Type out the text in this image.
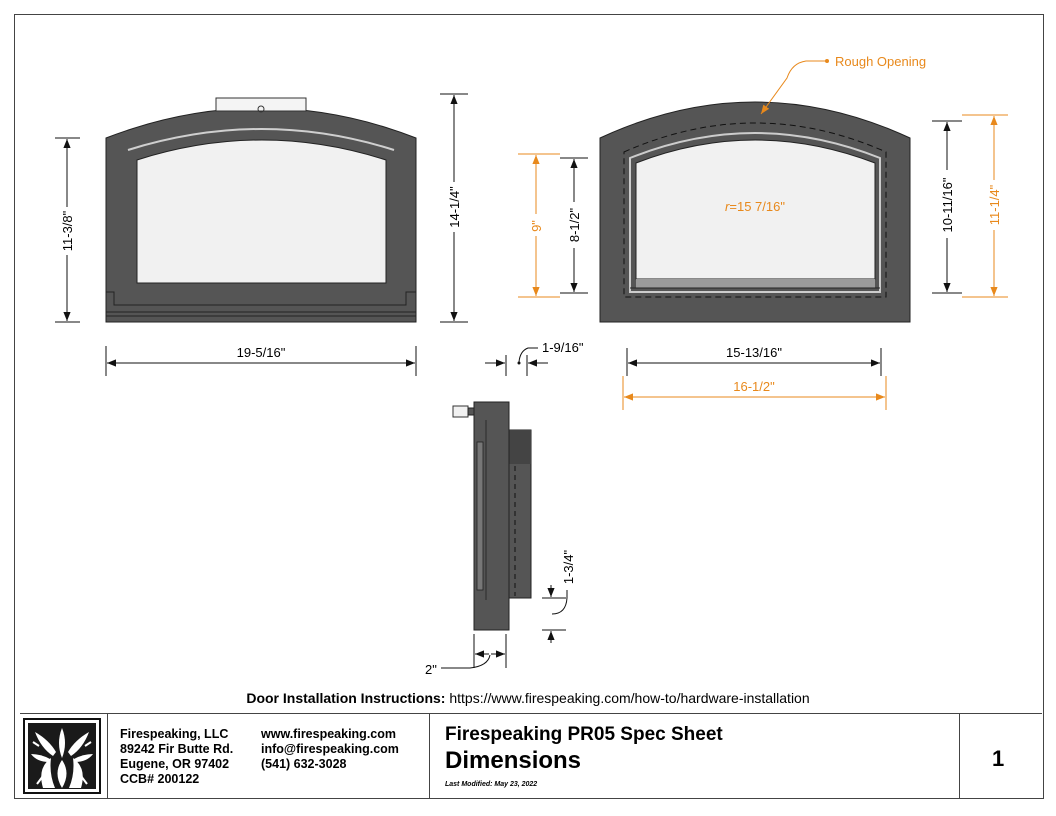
11-3/8"
14-1/4"
19-5/16"
r=15 7/16"
Rough Opening
9" 8-1/2"	10-11/16" 11-1/4"
15-13/16"
16-1/2"
1-9/16"
1-3/4"
2"
Door Installation Instructions: https://www.firespeaking.com/how-to/hardware-installation
Firespeaking, LLC
89242 Fir Butte Rd.
Eugene, OR 97402
CCB# 200122
www.firespeaking.com
info@firespeaking.com
(541) 632-3028
Firespeaking PR05 Spec Sheet
Dimensions
Last Modified: May 23, 2022
1
